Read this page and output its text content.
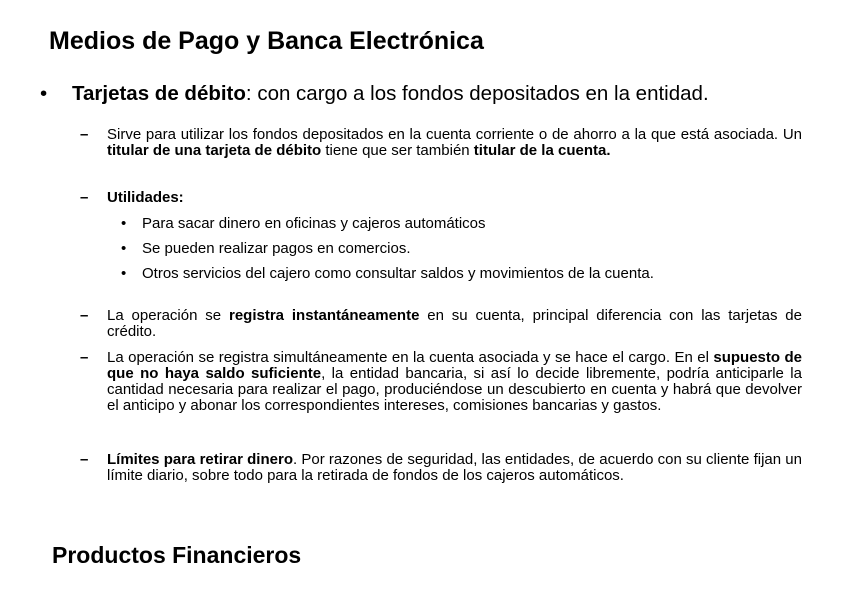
Medios de Pago y Banca Electrónica
• Tarjetas de débito: con cargo a los fondos depositados en la entidad.
– Sirve para utilizar los fondos depositados en la cuenta corriente o de ahorro a la que está asociada. Un titular de una tarjeta de débito tiene que ser también titular de la cuenta.
– Utilidades:
• Para sacar dinero en oficinas y cajeros automáticos
• Se pueden realizar pagos en comercios.
• Otros servicios del cajero como consultar saldos y movimientos de la cuenta.
– La operación se registra instantáneamente en su cuenta, principal diferencia con las tarjetas de crédito.
– La operación se registra simultáneamente en la cuenta asociada y se hace el cargo. En el supuesto de que no haya saldo suficiente, la entidad bancaria, si así lo decide libremente, podría anticiparle la cantidad necesaria para realizar el pago, produciéndose un descubierto en cuenta y habrá que devolver el anticipo y abonar los correspondientes intereses, comisiones bancarias y gastos.
– Límites para retirar dinero. Por razones de seguridad, las entidades, de acuerdo con su cliente fijan un límite diario, sobre todo para la retirada de fondos de los cajeros automáticos.
Productos Financieros
